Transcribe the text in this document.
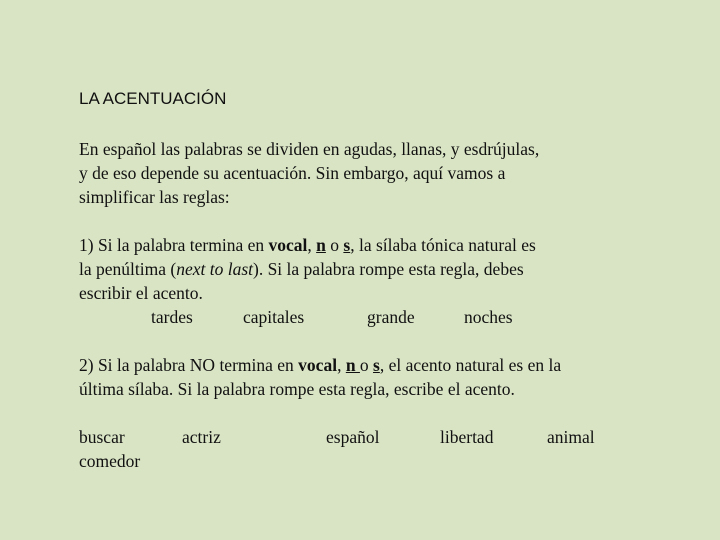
LA ACENTUACIÓN
En español las palabras se dividen en agudas, llanas, y esdrújulas,
y de eso depende su acentuación. Sin embargo, aquí vamos a
simplificar las reglas:
1) Si la palabra termina en vocal, n o s, la sílaba tónica natural es
la penúltima (next to last). Si la palabra rompe esta regla, debes
escribir el acento.
tardes	capitales	grande	noches
2) Si la palabra NO termina en vocal, n o s, el acento natural es en la
última sílaba. Si la palabra rompe esta regla, escribe el acento.
buscar	actriz	español	libertad	animal
comedor
